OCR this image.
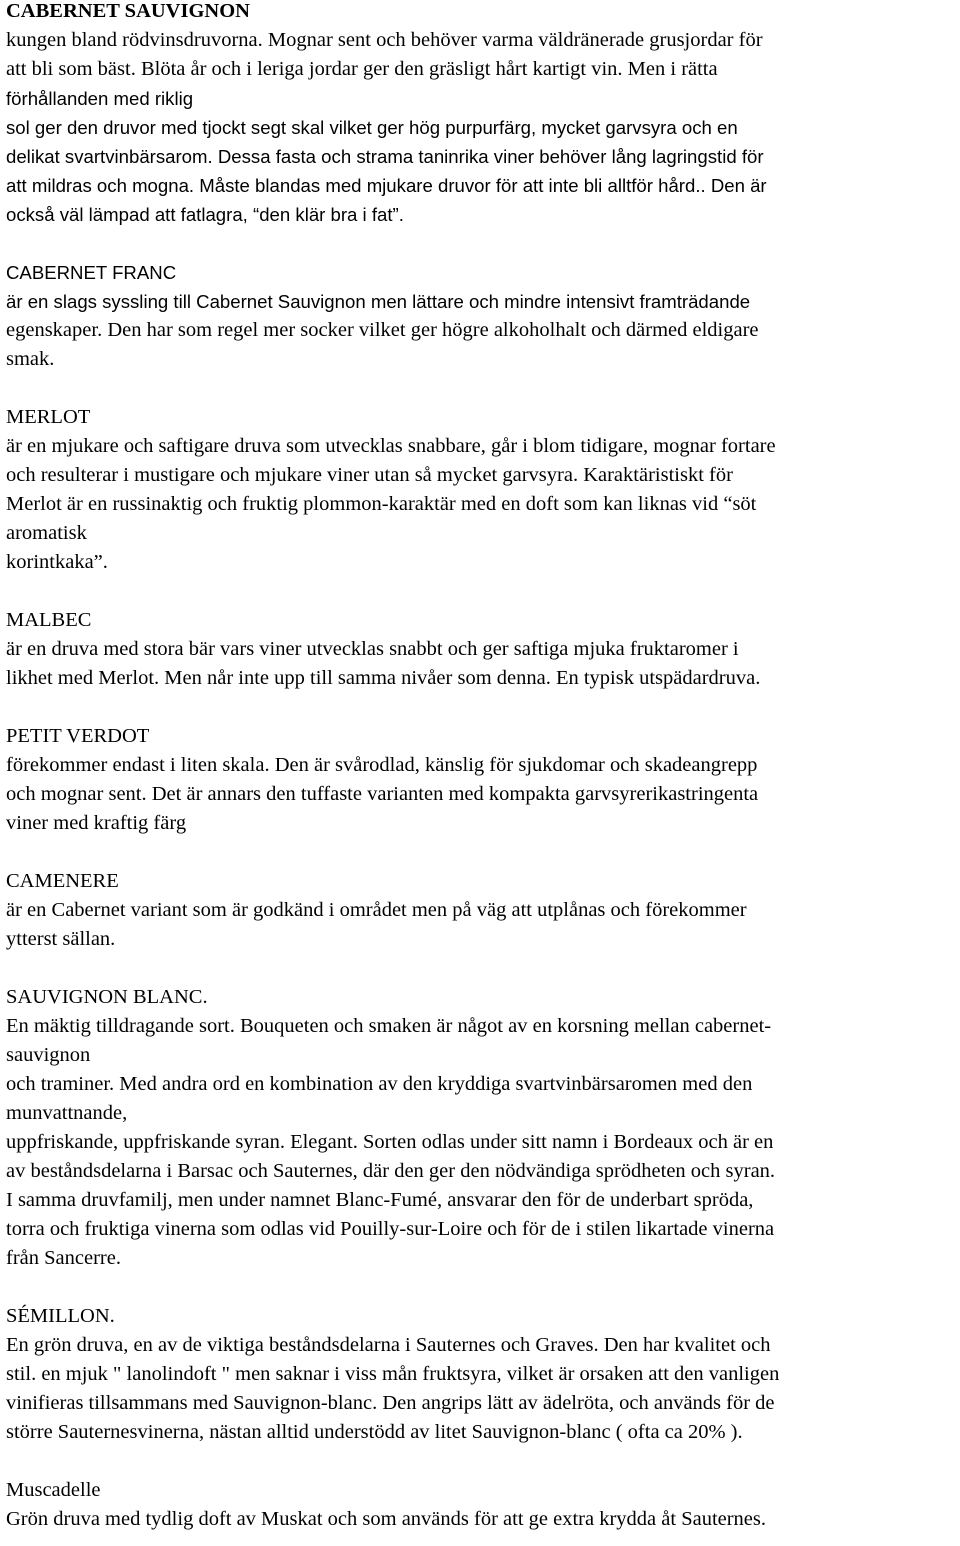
CABERNET SAUVIGNON
kungen bland rödvinsdruvorna. Mognar sent och behöver varma väldränerade grusjordar för
att bli som bäst. Blöta år och i leriga jordar ger den gräsligt hårt kartigt vin. Men i rätta
förhållanden med riklig
sol ger den druvor med tjockt segt skal vilket ger hög purpurfärg, mycket garvsyra och en
delikat svartvinbärsarom. Dessa fasta och strama taninrika viner behöver lång lagringstid för
att mildras och mogna. Måste blandas med mjukare druvor för att inte bli alltför hård.. Den är
också väl lämpad att fatlagra, “den klär bra i fat”.
CABERNET FRANC
är en slags syssling till Cabernet Sauvignon men lättare och mindre intensivt framträdande
egenskaper. Den har som regel mer socker vilket ger högre alkoholhalt och därmed eldigare
smak.
MERLOT
är en mjukare och saftigare druva som utvecklas snabbare, går i blom tidigare, mognar fortare
och resulterar i mustigare och mjukare viner utan så mycket garvsyra. Karaktäristiskt för
Merlot är en russinaktig och fruktig plommon-karaktär med en doft som kan liknas vid “söt
aromatisk
korintkaka”.
MALBEC
är en druva med stora bär vars viner utvecklas snabbt och ger saftiga mjuka fruktaromer i
likhet med Merlot. Men når inte upp till samma nivåer som denna. En typisk utspädardruva.
PETIT VERDOT
förekommer endast i liten skala. Den är svårodlad, känslig för sjukdomar och skadeangrepp
och mognar sent. Det är annars den tuffaste varianten med kompakta garvsyrerikastringenta
viner med kraftig färg
CAMENERE
är en Cabernet variant som är godkänd i området men på väg att utplånas och förekommer
ytterst sällan.
SAUVIGNON BLANC.
En mäktig tilldragande sort. Bouqueten och smaken är något av en korsning mellan cabernet-
sauvignon
och traminer. Med andra ord en kombination av den kryddiga svartvinbärsaromen med den
munvattnande,
uppfriskande, uppfriskande syran. Elegant. Sorten odlas under sitt namn i Bordeaux och är en
av beståndsdelarna i Barsac och Sauternes, där den ger den nödvändiga sprödheten och syran.
I samma druvfamilj, men under namnet Blanc-Fumé, ansvarar den för de underbart spröda,
torra och fruktiga vinerna som odlas vid Pouilly-sur-Loire och för de i stilen likartade vinerna
från Sancerre.
SÉMILLON.
En grön druva, en av de viktiga beståndsdelarna i Sauternes och Graves. Den har kvalitet och
stil. en mjuk " lanolindoft " men saknar i viss mån fruktsyra, vilket är orsaken att den vanligen
vinifieras tillsammans med Sauvignon-blanc. Den angrips lätt av ädelröta, och används för de
större Sauternesvinerna, nästan alltid understödd av litet Sauvignon-blanc ( ofta ca 20% ).
Muscadelle
Grön druva med tydlig doft av Muskat och som används för att ge extra krydda åt Sauternes.
